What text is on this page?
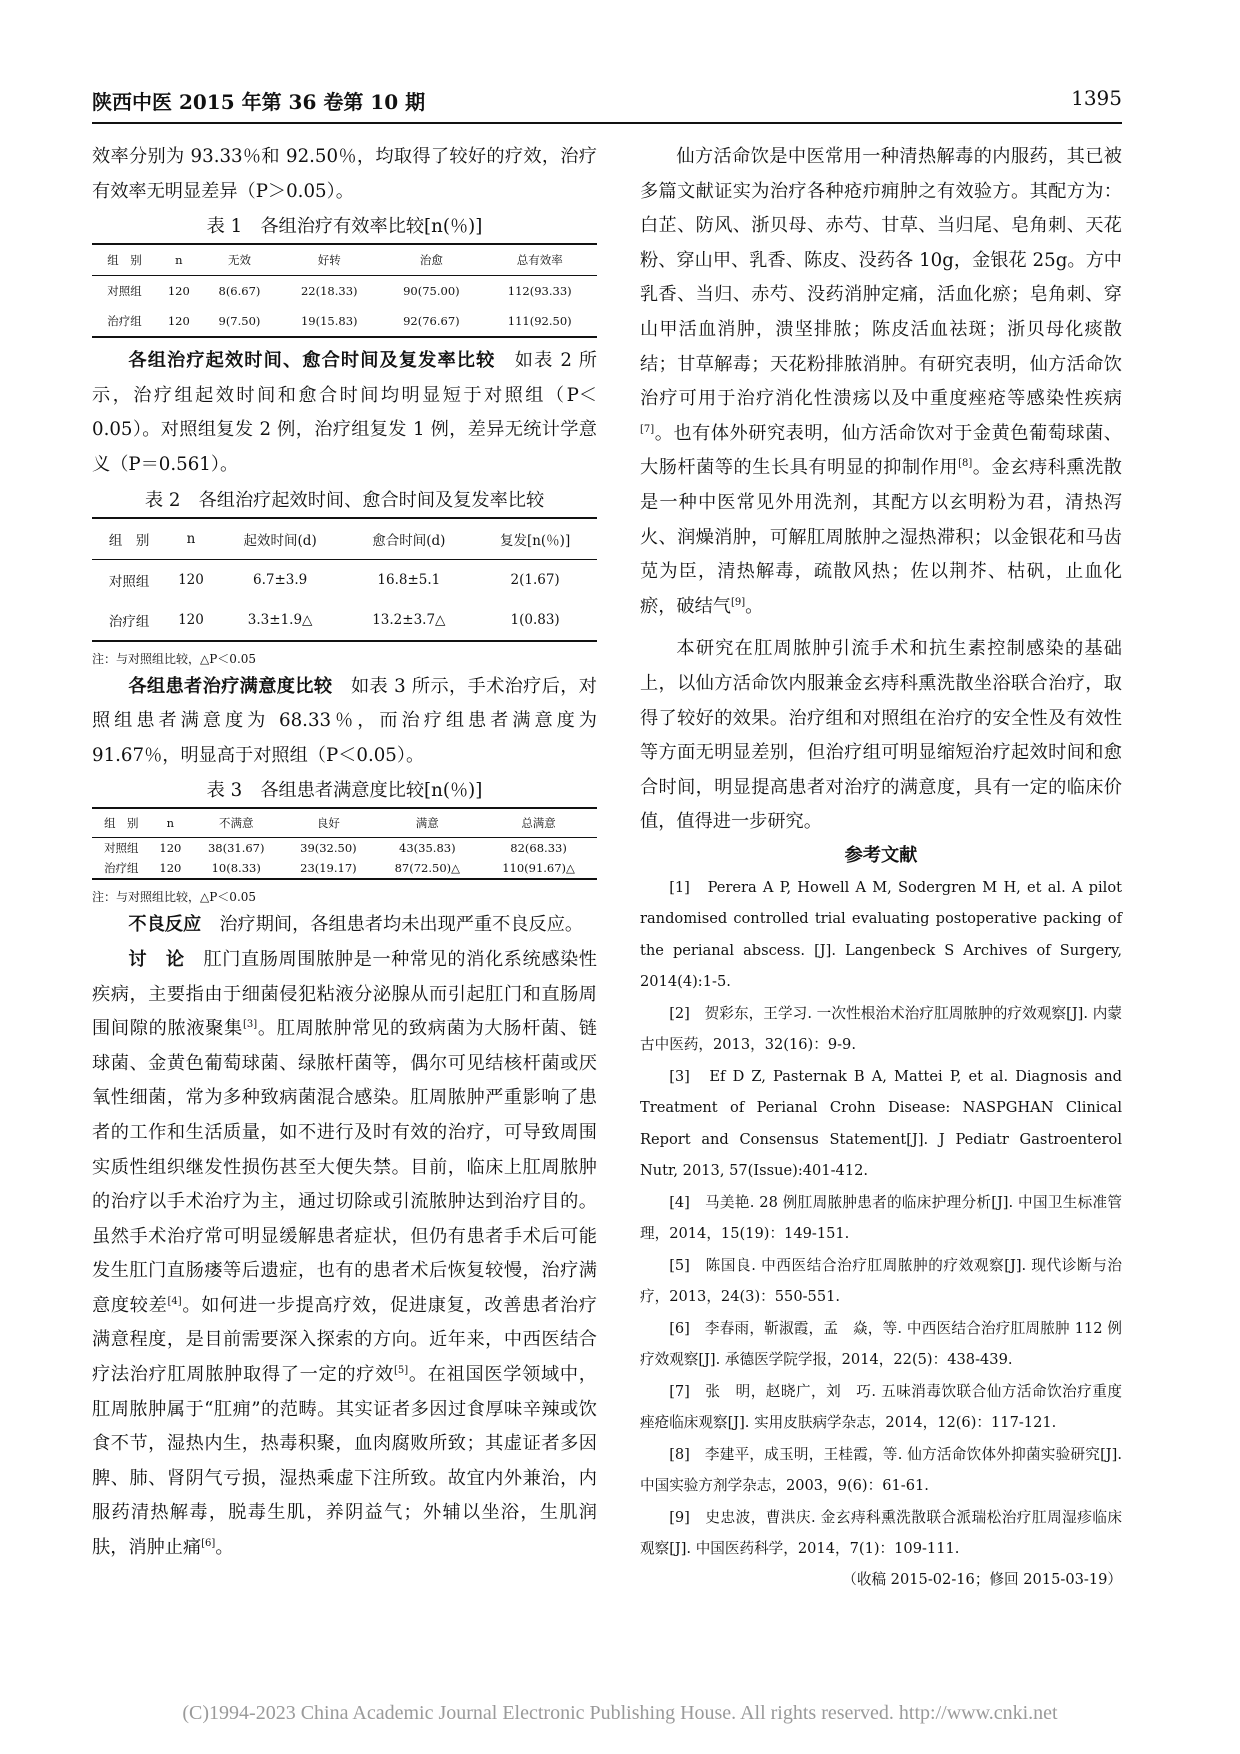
陕西中医 2015 年第 36 卷第 10 期	1395

效率分别为 93.33％和 92.50％，均取得了较好的疗效，治疗有效率无明显差异（P＞0.05）。

表 1　各组治疗有效率比较[n(％)]

组　别	n	无效	好转	治愈	总有效率
对照组	120	8(6.67)	22(18.33)	90(75.00)	112(93.33)
治疗组	120	9(7.50)	19(15.83)	92(76.67)	111(92.50)

各组治疗起效时间、愈合时间及复发率比较　如表 2 所示，治疗组起效时间和愈合时间均明显短于对照组（P＜0.05）。对照组复发 2 例，治疗组复发 1 例，差异无统计学意义（P＝0.561）。

表 2　各组治疗起效时间、愈合时间及复发率比较

组　别	n	起效时间(d)	愈合时间(d)	复发[n(％)]
对照组	120	6.7±3.9	16.8±5.1	2(1.67)
治疗组	120	3.3±1.9△	13.2±3.7△	1(0.83)

注：与对照组比较，△P＜0.05

各组患者治疗满意度比较　如表 3 所示，手术治疗后，对照组患者满意度为 68.33％，而治疗组患者满意度为 91.67％，明显高于对照组（P＜0.05）。

表 3　各组患者满意度比较[n(％)]

组　别	n	不满意	良好	满意	总满意
对照组	120	38(31.67)	39(32.50)	43(35.83)	82(68.33)
治疗组	120	10(8.33)	23(19.17)	87(72.50)△	110(91.67)△

注：与对照组比较，△P＜0.05

不良反应　治疗期间，各组患者均未出现严重不良反应。

讨　论　肛门直肠周围脓肿是一种常见的消化系统感染性疾病，主要指由于细菌侵犯粘液分泌腺从而引起肛门和直肠周围间隙的脓液聚集[3]。肛周脓肿常见的致病菌为大肠杆菌、链球菌、金黄色葡萄球菌、绿脓杆菌等，偶尔可见结核杆菌或厌氧性细菌，常为多种致病菌混合感染。肛周脓肿严重影响了患者的工作和生活质量，如不进行及时有效的治疗，可导致周围实质性组织继发性损伤甚至大便失禁。目前，临床上肛周脓肿的治疗以手术治疗为主，通过切除或引流脓肿达到治疗目的。虽然手术治疗常可明显缓解患者症状，但仍有患者手术后可能发生肛门直肠瘘等后遗症，也有的患者术后恢复较慢，治疗满意度较差[4]。如何进一步提高疗效，促进康复，改善患者治疗满意程度，是目前需要深入探索的方向。近年来，中西医结合疗法治疗肛周脓肿取得了一定的疗效[5]。在祖国医学领域中，肛周脓肿属于“肛痈”的范畴。其实证者多因过食厚味辛辣或饮食不节，湿热内生，热毒积聚，血肉腐败所致；其虚证者多因脾、肺、肾阴气亏损，湿热乘虚下注所致。故宜内外兼治，内服药清热解毒，脱毒生肌，养阴益气；外辅以坐浴，生肌润肤，消肿止痛[6]。

仙方活命饮是中医常用一种清热解毒的内服药，其已被多篇文献证实为治疗各种疮疖痈肿之有效验方。其配方为：白芷、防风、浙贝母、赤芍、甘草、当归尾、皂角刺、天花粉、穿山甲、乳香、陈皮、没药各 10g，金银花 25g。方中乳香、当归、赤芍、没药消肿定痛，活血化瘀；皂角刺、穿山甲活血消肿，溃坚排脓；陈皮活血祛斑；浙贝母化痰散结；甘草解毒；天花粉排脓消肿。有研究表明，仙方活命饮治疗可用于治疗消化性溃疡以及中重度痤疮等感染性疾病[7]。也有体外研究表明，仙方活命饮对于金黄色葡萄球菌、大肠杆菌等的生长具有明显的抑制作用[8]。金玄痔科熏洗散是一种中医常见外用洗剂，其配方以玄明粉为君，清热泻火、润燥消肿，可解肛周脓肿之湿热滞积；以金银花和马齿苋为臣，清热解毒，疏散风热；佐以荆芥、枯矾，止血化瘀，破结气[9]。

本研究在肛周脓肿引流手术和抗生素控制感染的基础上，以仙方活命饮内服兼金玄痔科熏洗散坐浴联合治疗，取得了较好的效果。治疗组和对照组在治疗的安全性及有效性等方面无明显差别，但治疗组可明显缩短治疗起效时间和愈合时间，明显提高患者对治疗的满意度，具有一定的临床价值，值得进一步研究。

参考文献

[1]　Perera A P, Howell A M, Sodergren M H, et al. A pilot randomised controlled trial evaluating postoperative packing of the perianal abscess. [J]. Langenbeck S Archives of Surgery, 2014(4):1-5.

[2]　贺彩东，王学习. 一次性根治术治疗肛周脓肿的疗效观察[J]. 内蒙古中医药，2013，32(16)：9-9.

[3]　Ef D Z, Pasternak B A, Mattei P, et al. Diagnosis and Treatment of Perianal Crohn Disease: NASPGHAN Clinical Report and Consensus Statement[J]. J Pediatr Gastroenterol Nutr, 2013, 57(Issue):401-412.

[4]　马美艳. 28 例肛周脓肿患者的临床护理分析[J]. 中国卫生标准管理，2014，15(19)：149-151.

[5]　陈国良. 中西医结合治疗肛周脓肿的疗效观察[J]. 现代诊断与治疗，2013，24(3)：550-551.

[6]　李春雨，靳淑霞，孟　焱，等. 中西医结合治疗肛周脓肿 112 例疗效观察[J]. 承德医学院学报，2014，22(5)：438-439.

[7]　张　明，赵晓广，刘　巧. 五味消毒饮联合仙方活命饮治疗重度痤疮临床观察[J]. 实用皮肤病学杂志，2014，12(6)：117-121.

[8]　李建平，成玉明，王桂霞，等. 仙方活命饮体外抑菌实验研究[J]. 中国实验方剂学杂志，2003，9(6)：61-61.

[9]　史忠波，曹洪庆. 金玄痔科熏洗散联合派瑞松治疗肛周湿疹临床观察[J]. 中国医药科学，2014，7(1)：109-111.

（收稿 2015-02-16；修回 2015-03-19）

(C)1994-2023 China Academic Journal Electronic Publishing House. All rights reserved. http://www.cnki.net
